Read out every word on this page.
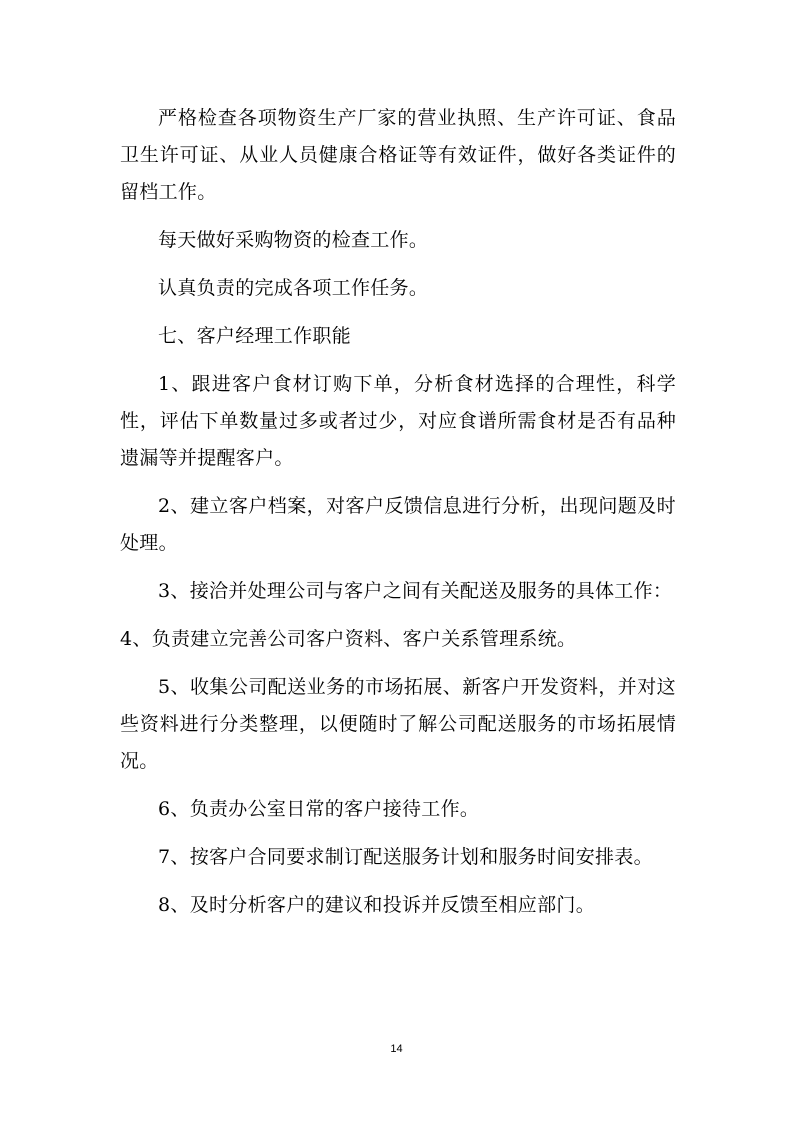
严格检查各项物资生产厂家的营业执照、生产许可证、食品卫生许可证、从业人员健康合格证等有效证件，做好各类证件的留档工作。

每天做好采购物资的检查工作。

认真负责的完成各项工作任务。

七、客户经理工作职能

1、跟进客户食材订购下单，分析食材选择的合理性，科学性，评估下单数量过多或者过少，对应食谱所需食材是否有品种遗漏等并提醒客户。

2、建立客户档案，对客户反馈信息进行分析，出现问题及时处理。

3、接洽并处理公司与客户之间有关配送及服务的具体工作：

4、负责建立完善公司客户资料、客户关系管理系统。

5、收集公司配送业务的市场拓展、新客户开发资料，并对这些资料进行分类整理，以便随时了解公司配送服务的市场拓展情况。

6、负责办公室日常的客户接待工作。

7、按客户合同要求制订配送服务计划和服务时间安排表。

8、及时分析客户的建议和投诉并反馈至相应部门。

14
